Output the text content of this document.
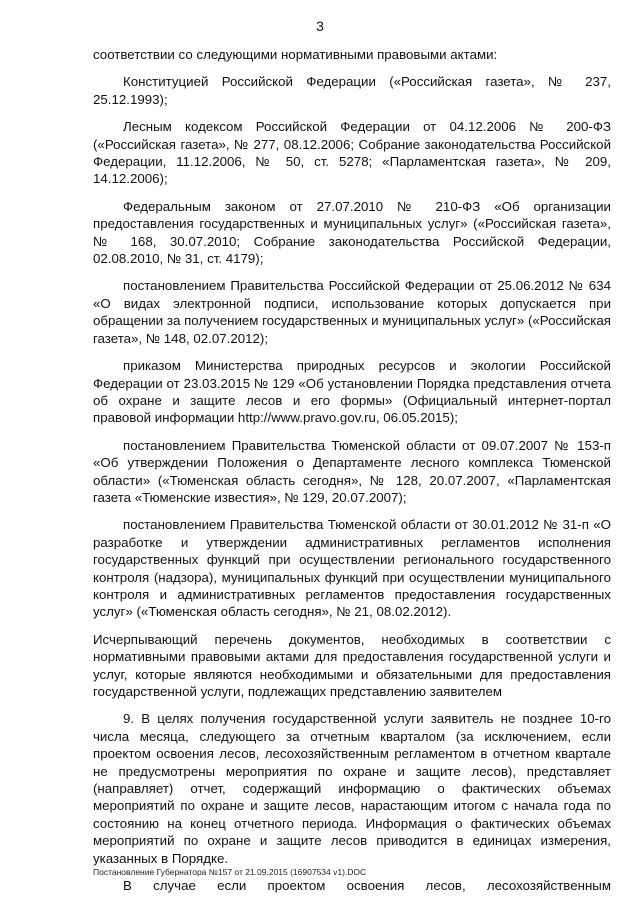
3

соответствии со следующими нормативными правовыми актами:

Конституцией Российской Федерации («Российская газета», № 237, 25.12.1993);

Лесным кодексом Российской Федерации от 04.12.2006 № 200-ФЗ («Российская газета», № 277, 08.12.2006; Собрание законодательства Российской Федерации, 11.12.2006, № 50, ст. 5278; «Парламентская газета», № 209, 14.12.2006);

Федеральным законом от 27.07.2010 № 210-ФЗ «Об организации предоставления государственных и муниципальных услуг» («Российская газета», № 168, 30.07.2010; Собрание законодательства Российской Федерации, 02.08.2010, № 31, ст. 4179);

постановлением Правительства Российской Федерации от 25.06.2012 № 634 «О видах электронной подписи, использование которых допускается при обращении за получением государственных и муниципальных услуг» («Российская газета», № 148, 02.07.2012);

приказом Министерства природных ресурсов и экологии Российской Федерации от 23.03.2015 № 129 «Об установлении Порядка представления отчета об охране и защите лесов и его формы» (Официальный интернет-портал правовой информации http://www.pravo.gov.ru, 06.05.2015);

постановлением Правительства Тюменской области от 09.07.2007 № 153-п «Об утверждении Положения о Департаменте лесного комплекса Тюменской области» («Тюменская область сегодня», № 128, 20.07.2007, «Парламентская газета «Тюменские известия», № 129, 20.07.2007);

постановлением Правительства Тюменской области от 30.01.2012 № 31-п «О разработке и утверждении административных регламентов исполнения государственных функций при осуществлении регионального государственного контроля (надзора), муниципальных функций при осуществлении муниципального контроля и административных регламентов предоставления государственных услуг» («Тюменская область сегодня», № 21, 08.02.2012).

Исчерпывающий перечень документов, необходимых в соответствии с нормативными правовыми актами для предоставления государственной услуги и услуг, которые являются необходимыми и обязательными для предоставления государственной услуги, подлежащих представлению заявителем

9. В целях получения государственной услуги заявитель не позднее 10-го числа месяца, следующего за отчетным кварталом (за исключением, если проектом освоения лесов, лесохозяйственным регламентом в отчетном квартале не предусмотрены мероприятия по охране и защите лесов), представляет (направляет) отчет, содержащий информацию о фактических объемах мероприятий по охране и защите лесов, нарастающим итогом с начала года по состоянию на конец отчетного периода. Информация о фактических объемах мероприятий по охране и защите лесов приводится в единицах измерения, указанных в Порядке.

В случае если проектом освоения лесов, лесохозяйственным

Постановление Губернатора №157 от 21.09.2015 (16907534 v1).DOC
